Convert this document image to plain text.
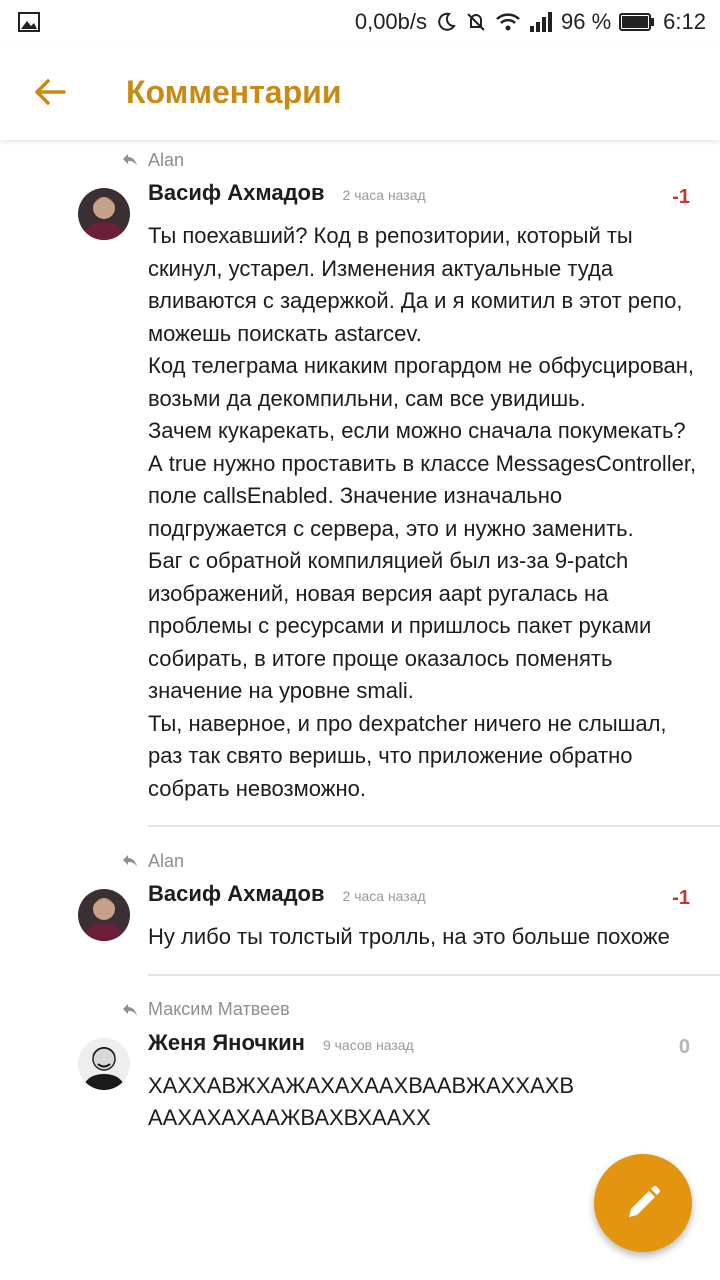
0,00b/s	96 % 6:12
Комментарии
Alan
Васиф Ахмадов 2 часа назад
Ты поехавший? Код в репозитории, который ты скинул, устарел. Изменения актуальные туда вливаются с задержкой. Да и я комитил в этот репо, можешь поискать astarcev.
Код телеграма никаким прогардом не обфусцирован, возьми да декомпильни, сам все увидишь.
Зачем кукарекать, если можно сначала покумекать?
А true нужно проставить в классе MessagesController, поле callsEnabled. Значение изначально подгружается с сервера, это и нужно заменить.
Баг с обратной компиляцией был из-за 9-patch изображений, новая версия aapt ругалась на проблемы с ресурсами и пришлось пакет руками собирать, в итоге проще оказалось поменять значение на уровне smali.
Ты, наверное, и про dexpatcher ничего не слышал, раз так свято веришь, что приложение обратно собрать невозможно.
-1
Alan
Васиф Ахмадов 2 часа назад
Ну либо ты толстый тролль, на это больше похоже
-1
Максим Матвеев
Женя Яночкин 9 часов назад
ХАХХАВЖХАЖАХАХААХВААВЖАХХАХВ ААХАХАХААЖВАХВХААХХ
0
